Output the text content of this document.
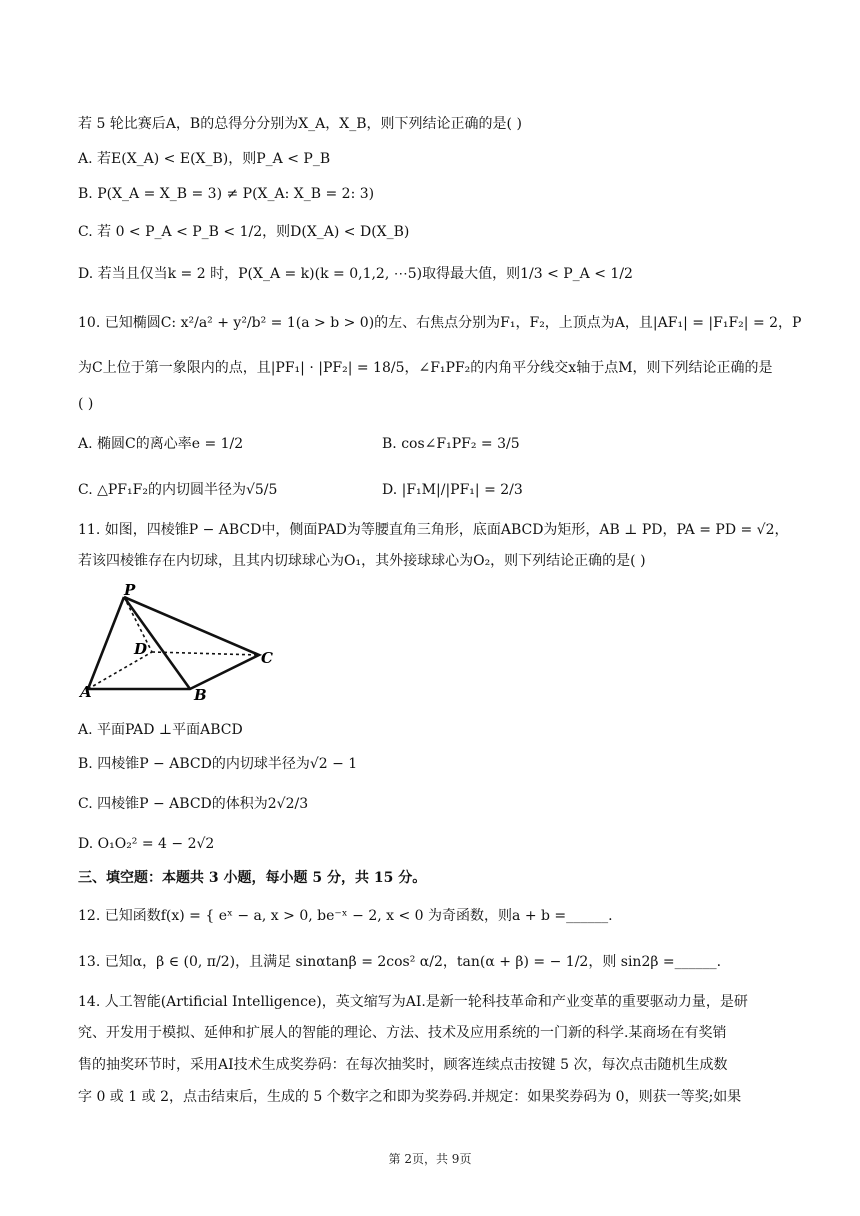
若 5 轮比赛后A，B的总得分分别为X_A，X_B，则下列结论正确的是( )
A. 若E(X_A) < E(X_B)，则P_A < P_B
B. P(X_A = X_B = 3) ≠ P(X_A: X_B = 2: 3)
C. 若 0 < P_A < P_B < 1/2，则D(X_A) < D(X_B)
D. 若当且仅当k = 2 时，P(X_A = k)(k = 0,1,2, ⋯5)取得最大值，则1/3 < P_A < 1/2
10. 已知椭圆C: x²/a² + y²/b² = 1(a > b > 0)的左、右焦点分别为F₁，F₂，上顶点为A，且|AF₁| = |F₁F₂| = 2，P
为C上位于第一象限内的点，且|PF₁| · |PF₂| = 18/5，∠F₁PF₂的内角平分线交x轴于点M，则下列结论正确的是
( )
A. 椭圆C的离心率e = 1/2	B. cos∠F₁PF₂ = 3/5
C. △PF₁F₂的内切圆半径为√5/5	D. |F₁M|/|PF₁| = 2/3
11. 如图，四棱锥P − ABCD中，侧面PAD为等腰直角三角形，底面ABCD为矩形，AB ⊥ PD，PA = PD = √2，
若该四棱锥存在内切球，且其内切球球心为O₁，其外接球球心为O₂，则下列结论正确的是( )
P
D	C
A	B
A. 平面PAD ⊥平面ABCD
B. 四棱锥P − ABCD的内切球半径为√2 − 1
C. 四棱锥P − ABCD的体积为2√2/3
D. O₁O₂² = 4 − 2√2
三、填空题：本题共 3 小题，每小题 5 分，共 15 分。
12. 已知函数f(x) = { eˣ − a, x > 0, be⁻ˣ − 2, x < 0 为奇函数，则a + b =______.
13. 已知α，β ∈ (0, π/2)，且满足 sinαtanβ = 2cos² α/2，tan(α + β) = − 1/2，则 sin2β =______.
14. 人工智能(Artificial Intelligence)，英文缩写为AI.是新一轮科技革命和产业变革的重要驱动力量，是研
究、开发用于模拟、延伸和扩展人的智能的理论、方法、技术及应用系统的一门新的科学.某商场在有奖销
售的抽奖环节时，采用AI技术生成奖券码：在每次抽奖时，顾客连续点击按键 5 次，每次点击随机生成数
字 0 或 1 或 2，点击结束后，生成的 5 个数字之和即为奖券码.并规定：如果奖券码为 0，则获一等奖;如果
第 2页，共 9页
